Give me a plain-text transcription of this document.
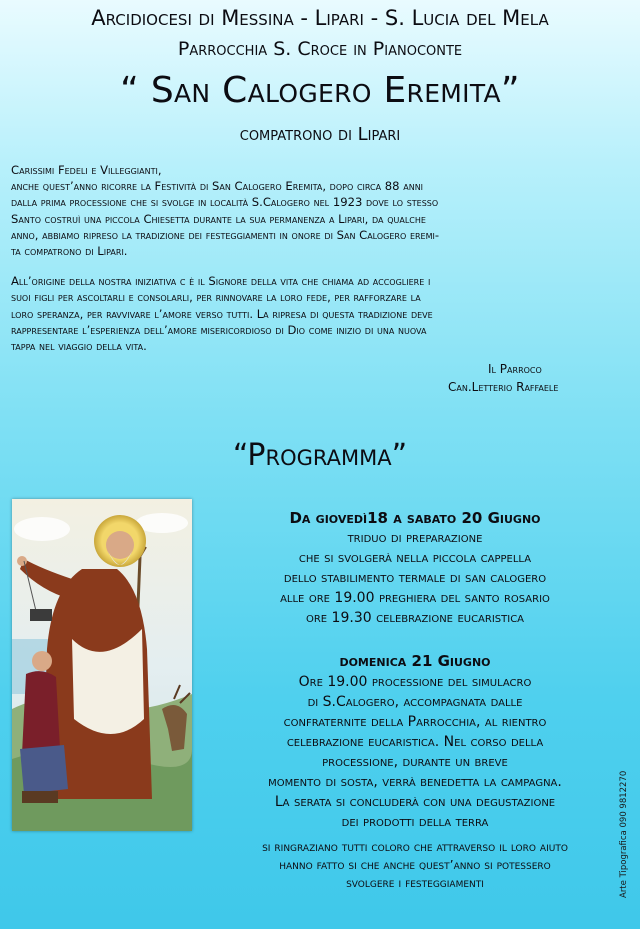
Arcidiocesi di Messina - Lipari - S. Lucia del Mela
Parrocchia S. Croce in Pianoconte
“ San Calogero Eremita”
compatrono di Lipari
Carissimi Fedeli e Villeggianti,
anche quest’anno ricorre la Festività di San Calogero Eremita, dopo circa 88 anni
dalla prima processione che si svolge in località S.Calogero nel 1923 dove lo stesso
Santo costruì una piccola Chiesetta durante la sua permanenza a Lipari, da qualche
anno, abbiamo ripreso la tradizione dei festeggiamenti in onore di San Calogero eremi-
ta compatrono di Lipari.
All’origine della nostra iniziativa c è il Signore della vita che chiama ad accogliere i
suoi figli per ascoltarli e consolarli, per rinnovare la loro fede, per rafforzare la
loro speranza, per ravvivare l’amore verso tutti. La ripresa di questa tradizione deve
rappresentare l’esperienza dell’amore misericordioso di Dio come inizio di una nuova
tappa nel viaggio della vita.
Il Parroco
Can.Letterio Raffaele
“Programma”
Da giovedì18 a sabato 20 Giugno
triduo di preparazione
che si svolgerà nella piccola cappella
dello stabilimento termale di san calogero
alle ore 19.00 preghiera del santo rosario
ore 19.30 celebrazione eucaristica
domenica 21 Giugno
Ore 19.00 processione del simulacro
di S.Calogero, accompagnata dalle
confraternite della Parrocchia, al rientro
celebrazione eucaristica. Nel corso della
processione, durante un breve
momento di sosta, verrà benedetta la campagna.
La serata si concluderà con una degustazione
dei prodotti della terra
si ringraziano tutti coloro che attraverso il loro aiuto
hanno fatto si che anche quest’anno si potessero
svolgere i festeggiamenti	Arte Tipografica 090 9812270
